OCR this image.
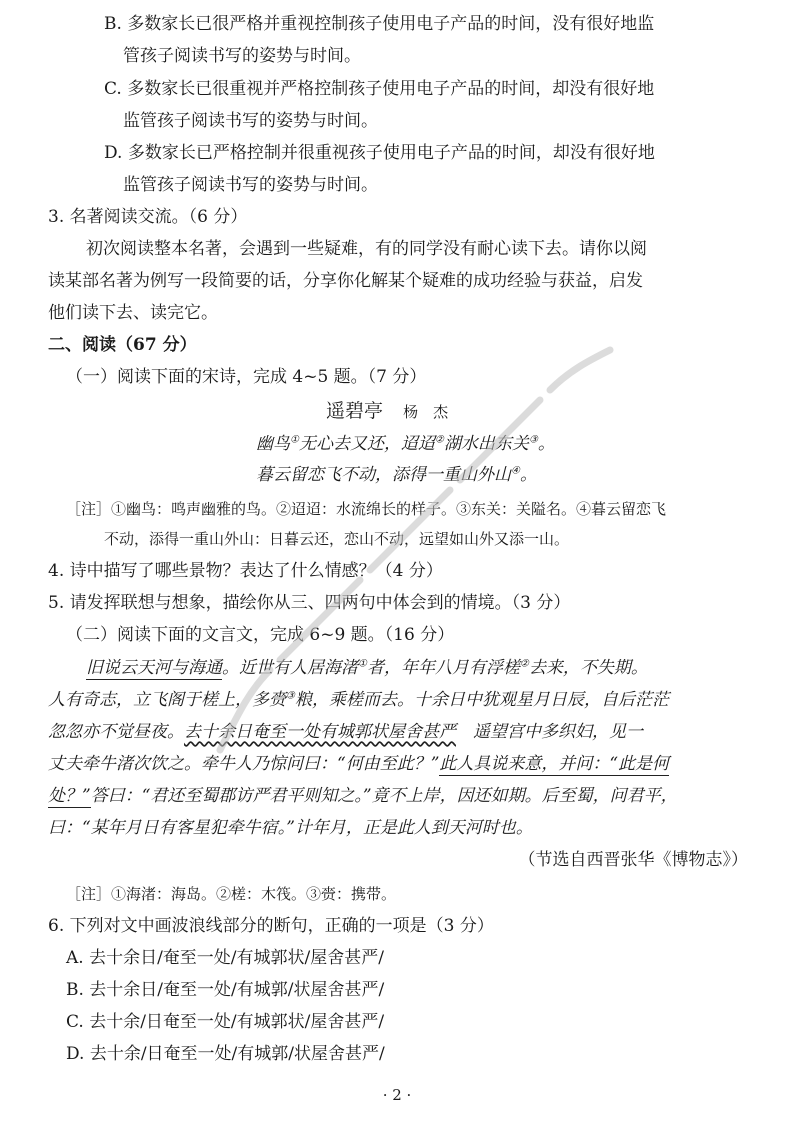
B. 多数家长已很严格并重视控制孩子使用电子产品的时间，没有很好地监
管孩子阅读书写的姿势与时间。
C. 多数家长已很重视并严格控制孩子使用电子产品的时间，却没有很好地
监管孩子阅读书写的姿势与时间。
D. 多数家长已严格控制并很重视孩子使用电子产品的时间，却没有很好地
监管孩子阅读书写的姿势与时间。
3. 名著阅读交流。（6 分）
初次阅读整本名著，会遇到一些疑难，有的同学没有耐心读下去。请你以阅
读某部名著为例写一段简要的话，分享你化解某个疑难的成功经验与获益，启发
他们读下去、读完它。
二、阅读（67 分）
（一）阅读下面的宋诗，完成 4~5 题。（7 分）
遥碧亭 杨　杰
幽鸟①无心去又还，迢迢②湖水出东关③。
暮云留恋飞不动，添得一重山外山④。
［注］①幽鸟：鸣声幽雅的鸟。②迢迢：水流绵长的样子。③东关：关隘名。④暮云留恋飞
不动，添得一重山外山：日暮云还，恋山不动，远望如山外又添一山。
4. 诗中描写了哪些景物？表达了什么情感？（4 分）
5. 请发挥联想与想象，描绘你从三、四两句中体会到的情境。（3 分）
（二）阅读下面的文言文，完成 6~9 题。（16 分）
旧说云天河与海通。近世有人居海渚①者，年年八月有浮槎②去来，不失期。
人有奇志，立飞阁于槎上，多赍③粮，乘槎而去。十余日中犹观星月日辰，自后茫茫
忽忽亦不觉昼夜。去十余日奄至一处有城郭状屋舍甚严　 遥望宫中多织妇，见一
丈夫牵牛渚次饮之。牵牛人乃惊问曰：“何由至此？”此人具说来意，并问：“此是何
处？”答曰：“君还至蜀郡访严君平则知之。”竟不上岸，因还如期。后至蜀，问君平，
曰：“某年月日有客星犯牵牛宿。”计年月，正是此人到天河时也。
（节选自西晋张华《博物志》）
［注］①海渚：海岛。②槎：木筏。③赍：携带。
6. 下列对文中画波浪线部分的断句，正确的一项是（3 分）
A. 去十余日/奄至一处/有城郭状/屋舍甚严/
B. 去十余日/奄至一处/有城郭/状屋舍甚严/
C. 去十余/日奄至一处/有城郭状/屋舍甚严/
D. 去十余/日奄至一处/有城郭/状屋舍甚严/
· 2 ·
